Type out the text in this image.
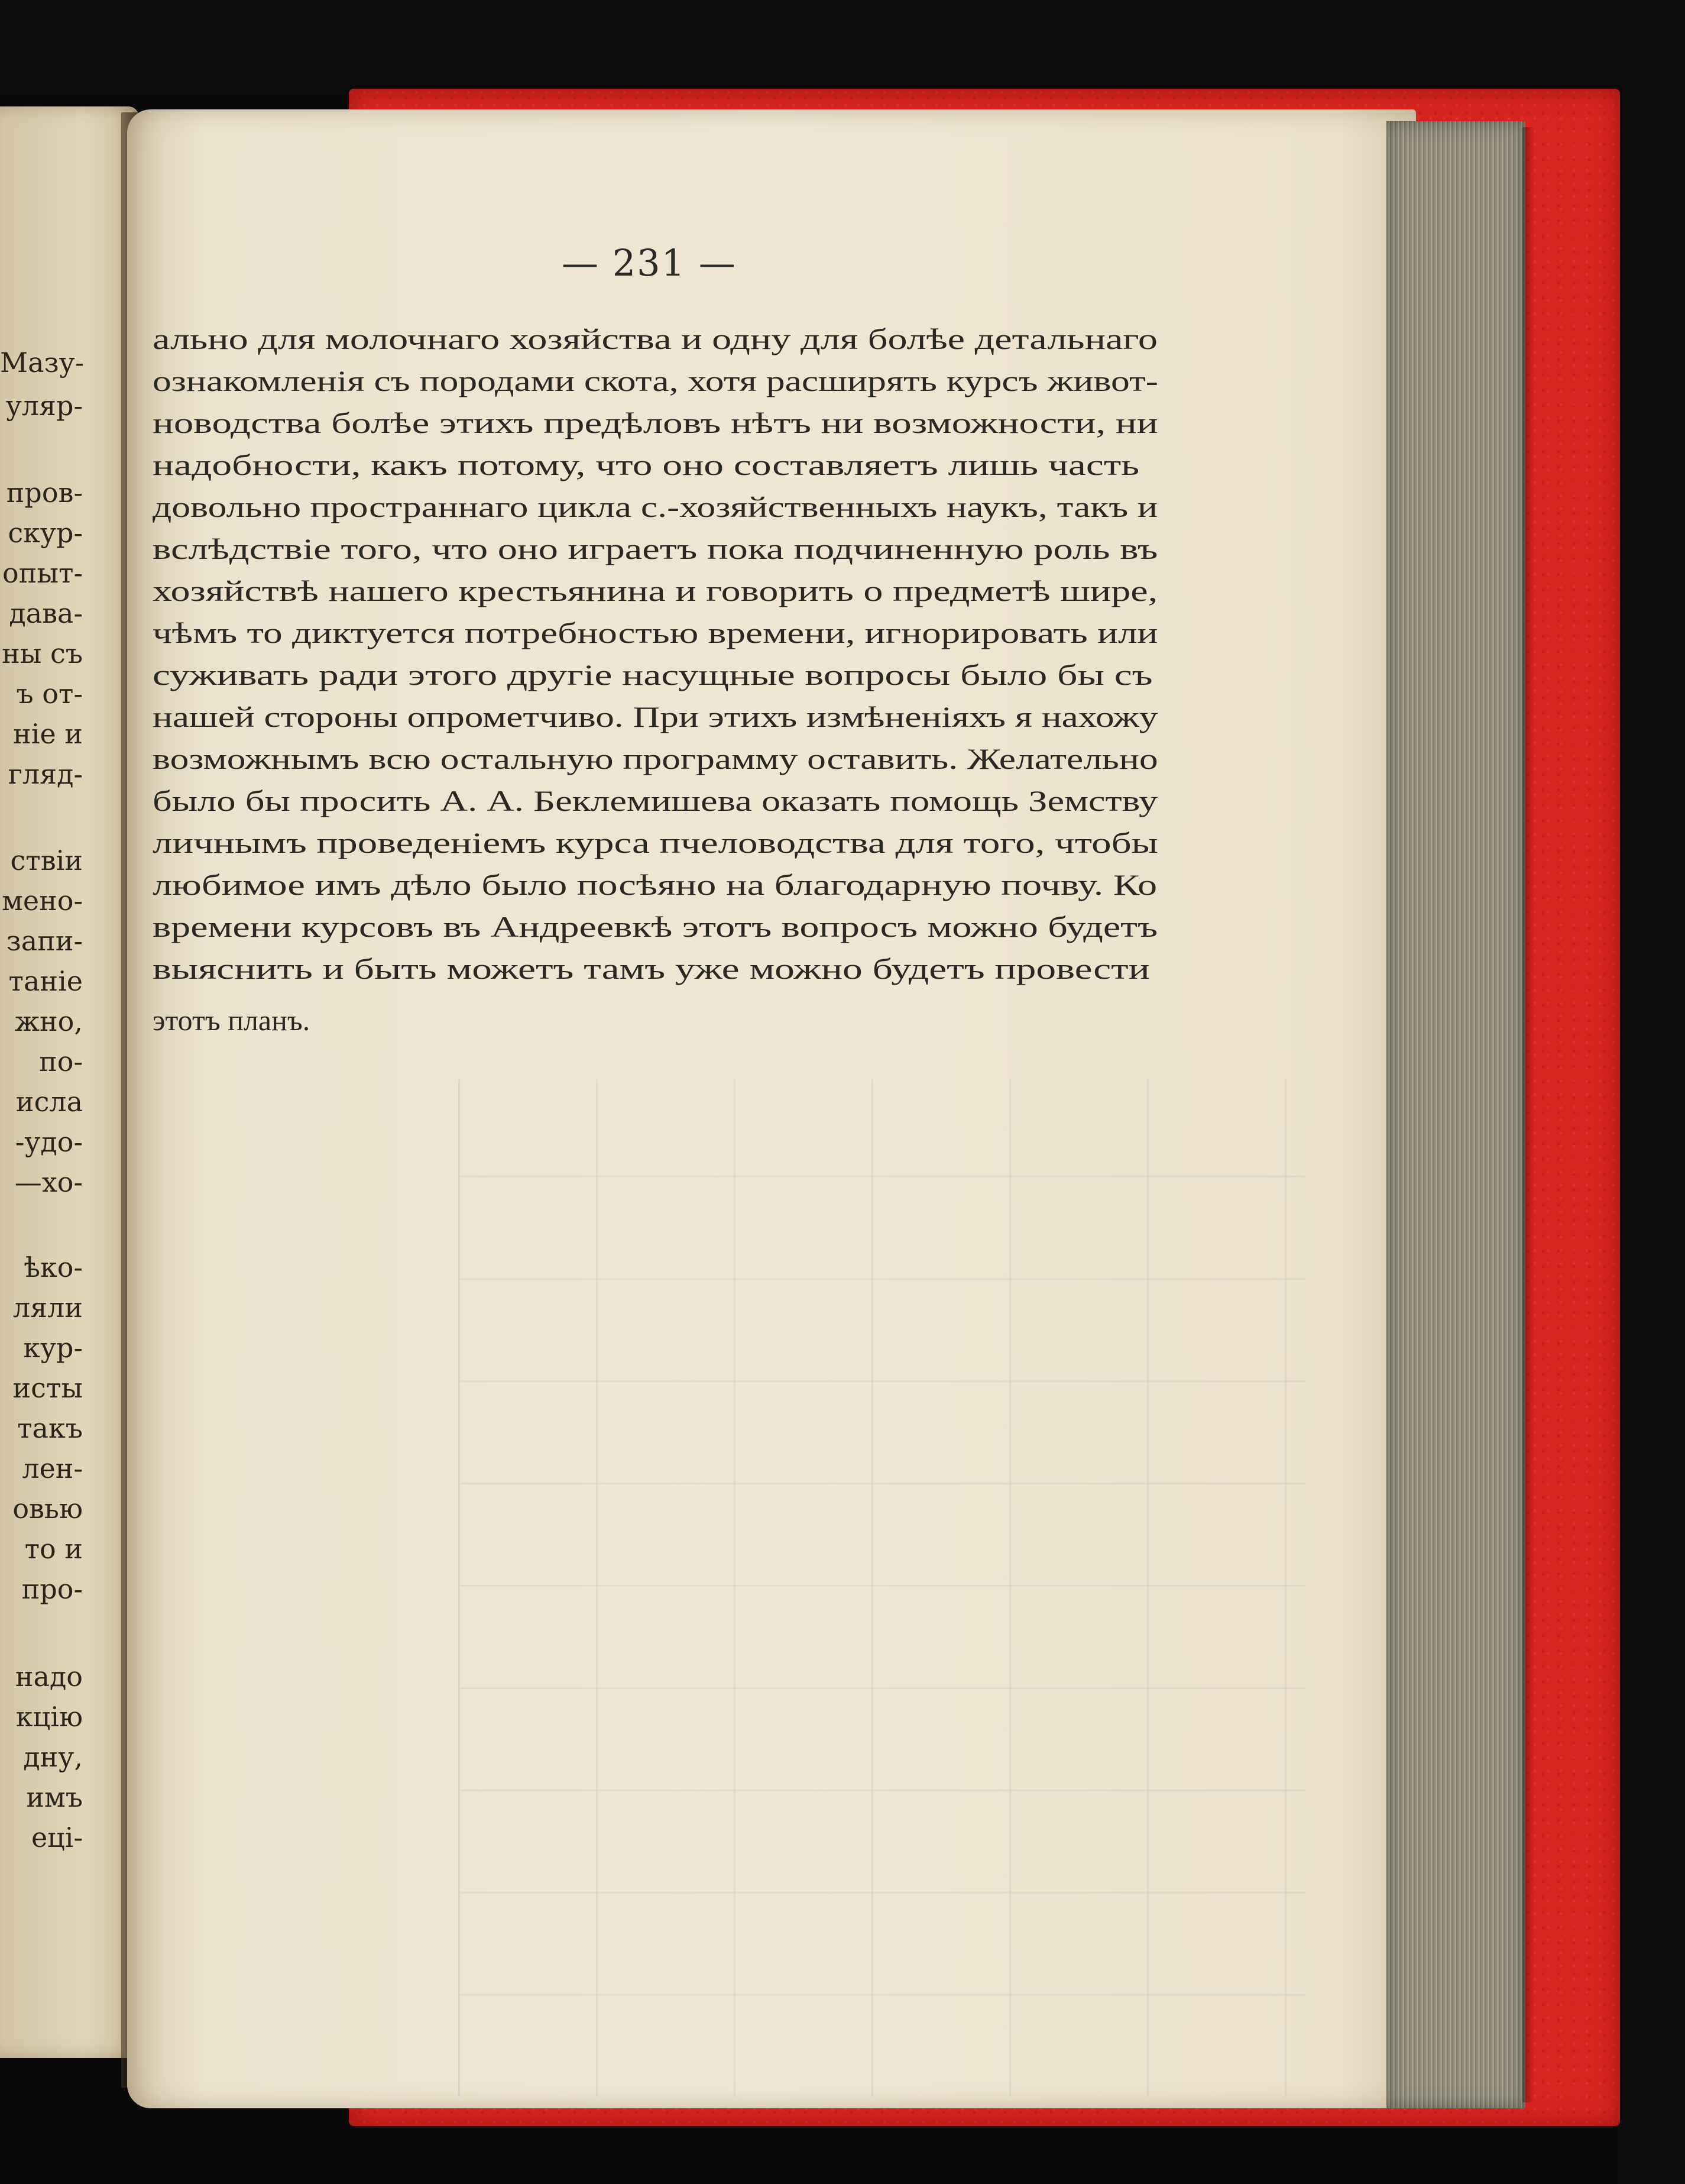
Мазу-
уляр-
пров-
скур-
опыт-
дава-
ны съ
ъ от-
ніе и
гляд-
ствіи
мено-
запи-
таніе
жно,
по-
исла
-удо-
—хо-
ѣко-
ляли
кур-
исты
такъ
лен-
овью
то и
про-
надо
кцію
дну,
имъ
еці-
— 231 —
ально для молочнаго хозяйства и одну для болѣе детальнаго
ознакомленія съ породами скота, хотя расширять курсъ живот-
новодства болѣе этихъ предѣловъ нѣтъ ни возможности, ни
надобности, какъ потому, что оно составляетъ лишь часть
довольно пространнаго цикла с.-хозяйственныхъ наукъ, такъ и
вслѣдствіе того, что оно играетъ пока подчиненную роль въ
хозяйствѣ нашего крестьянина и говорить о предметѣ шире,
чѣмъ то диктуется потребностью времени, игнорировать или
суживать ради этого другіе насущные вопросы было бы съ
нашей стороны опрометчиво. При этихъ измѣненіяхъ я нахожу
возможнымъ всю остальную программу оставить. Желательно
было бы просить А. А. Беклемишева оказать помощь Земству
личнымъ проведеніемъ курса пчеловодства для того, чтобы
любимое имъ дѣло было посѣяно на благодарную почву. Ко
времени курсовъ въ Андреевкѣ этотъ вопросъ можно будетъ
выяснить и быть можетъ тамъ уже можно будетъ провести
этотъ планъ.
